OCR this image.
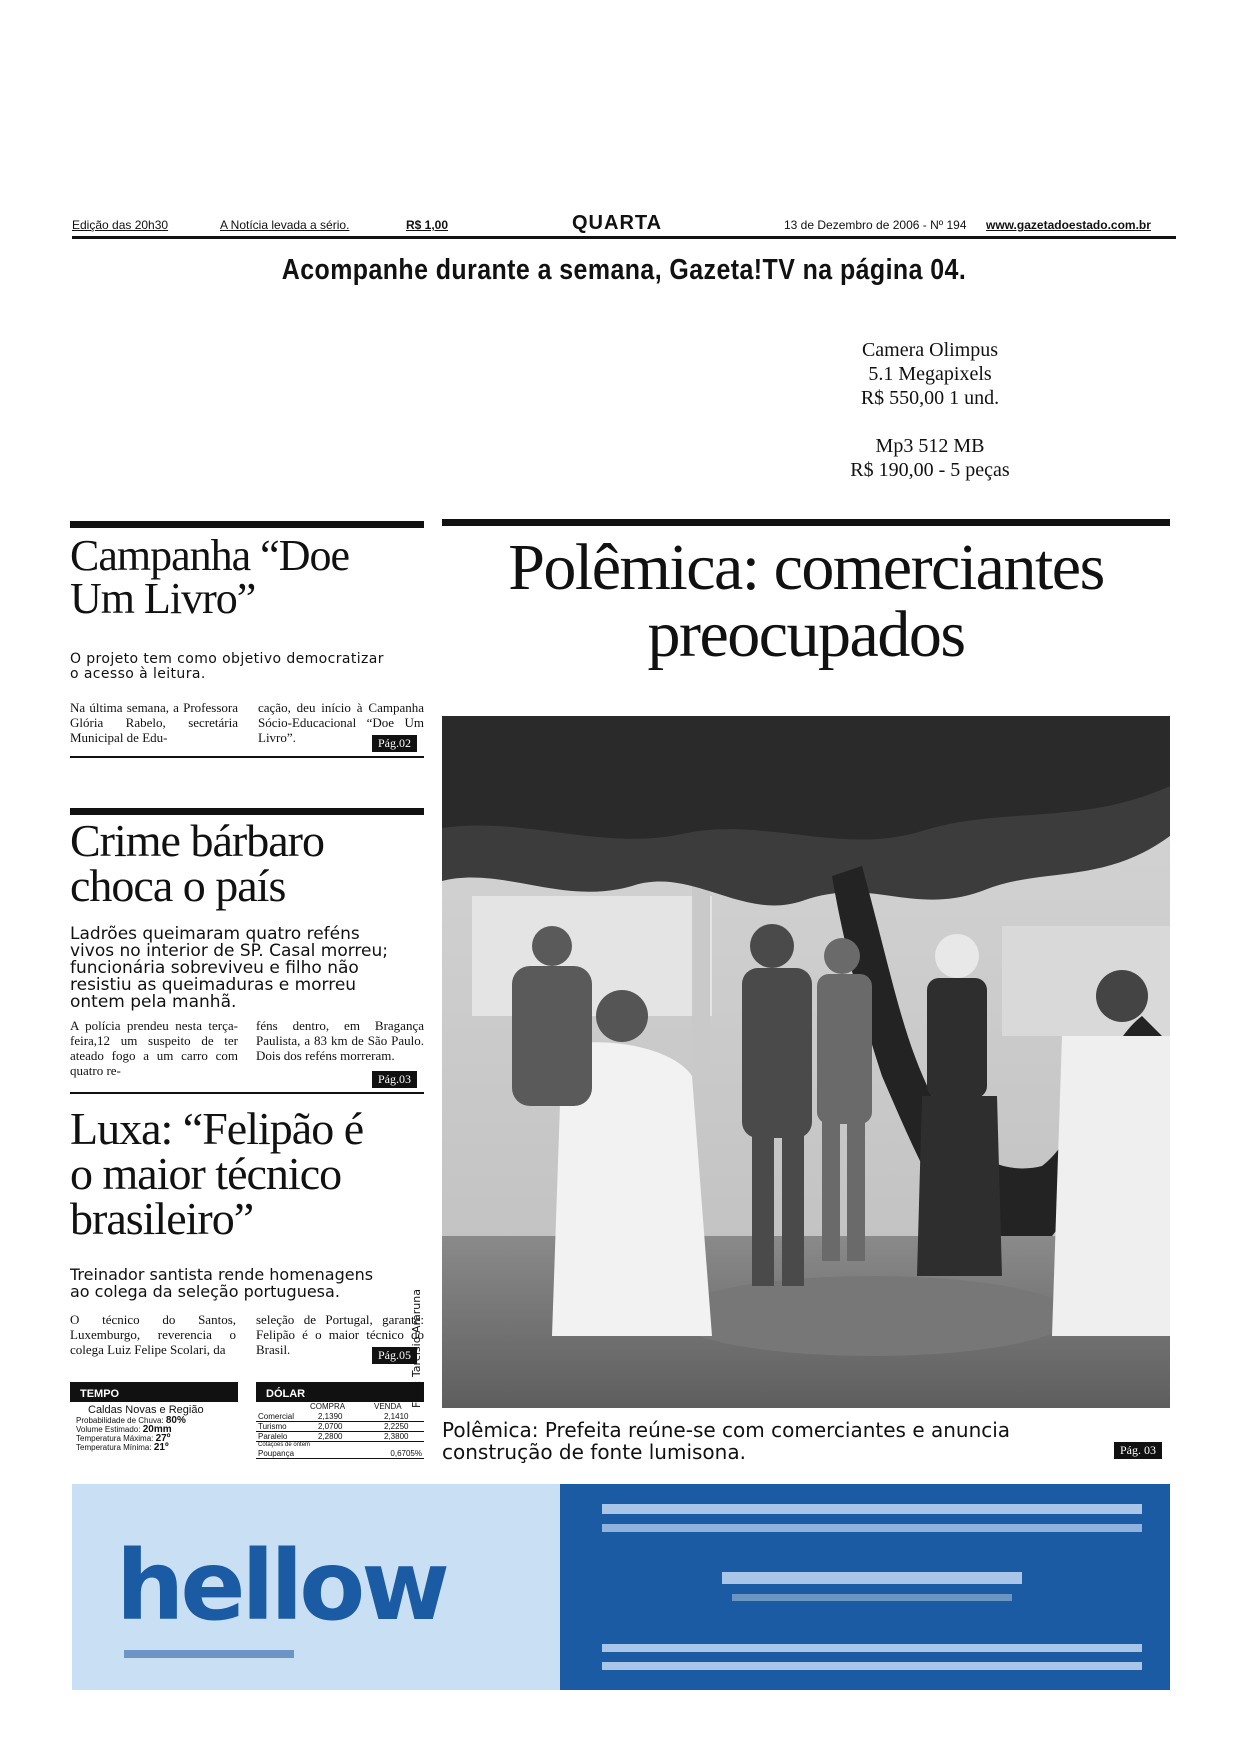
Edição das 20h30	A Notícia levada a sério.	R$ 1,00	QUARTA	13 de Dezembro de 2006 - Nº 194 www.gazetadoestado.com.br
Acompanhe durante a semana, Gazeta!TV na página 04.
Camera Olimpus
5.1 Megapixels
R$ 550,00 1 und.
Mp3 512 MB
R$ 190,00 - 5 peças
Campanha “Doe
Um Livro”
O projeto tem como objetivo democratizar
o acesso à leitura.
Na última semana, a Professora Glória Rabelo, secretária Municipal de Edu-
cação, deu início à Campanha Sócio-Educacional “Doe Um Livro”.	Pág.02
Crime bárbaro
choca o país
Ladrões queimaram quatro reféns
vivos no interior de SP. Casal morreu;
funcionária sobreviveu e filho não
resistiu as queimaduras e morreu
ontem pela manhã.
A polícia prendeu nesta terça-feira,12 um suspeito de ter ateado fogo a um carro com quatro re-
féns dentro, em Bragança Paulista, a 83 km de São Paulo. Dois dos reféns morreram.
Pág.03
Luxa: “Felipão é
o maior técnico
brasileiro”
Treinador santista rende homenagens
ao colega da seleção portuguesa.
O técnico do Santos, Luxemburgo, reverencia o colega Luiz Felipe Scolari, da
seleção de Portugal, garante: Felipão é o maior técnico do Brasil.	Pág.05
TEMPO
Caldas Novas e Região
Probabilidade de Chuva: 80%
Volume Estimado: 20mm
Temperatura Máxima: 27º
Temperatura Mínima: 21º
DÓLAR
COMPRA	VENDA
Comercial	2,1390	2,1410
Turismo	2,0700	2,2250
Paralelo	2,2800	2,3800
Cotações de ontem
Poupança	0,6705%
Polêmica: comerciantes
preocupados
Foto: Tarcísio Araruna
Polêmica: Prefeita reúne-se com comerciantes e anuncia
construção de fonte lumisona.	Pág. 03
hellow
